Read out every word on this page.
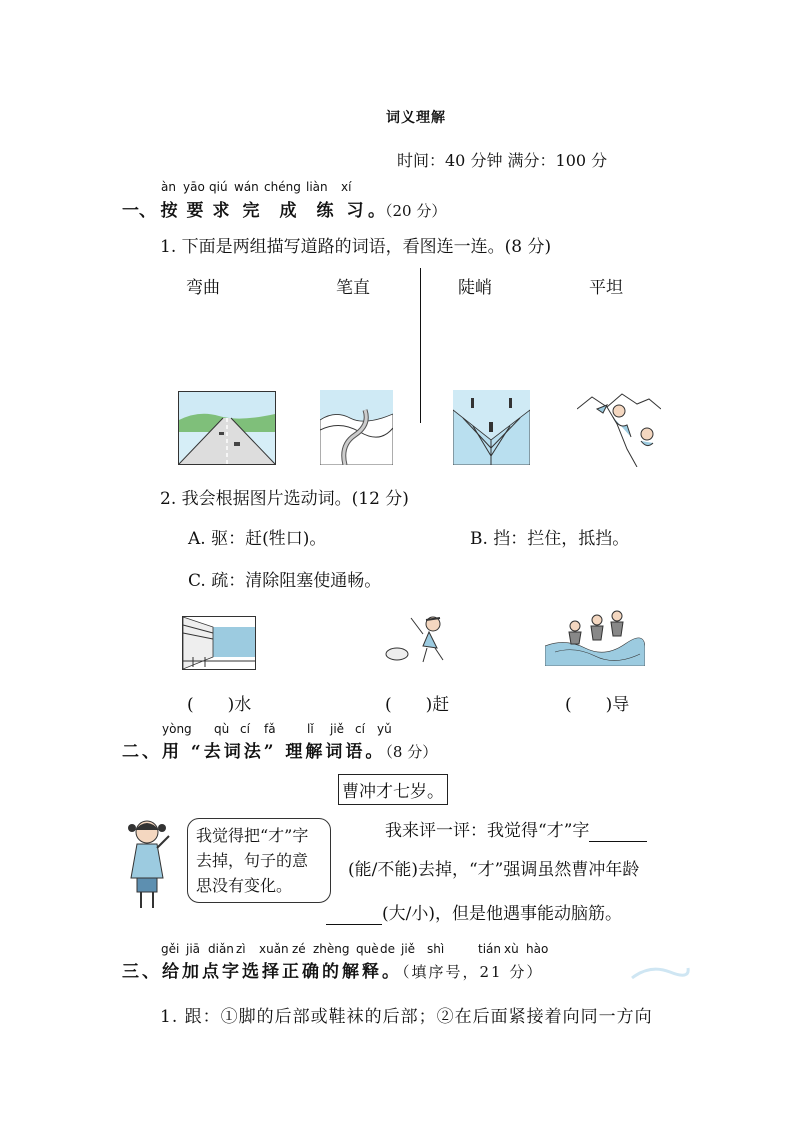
词义理解
时间：40 分钟 满分：100 分
àn yāo qiú wán chéng liàn xí
一、 按 要 求 完 成 练 习 。（20 分）
1. 下面是两组描写道路的词语，看图连一连。(8 分)
弯曲	笔直	陡峭	平坦
2. 我会根据图片选动词。(12 分)
A. 驱：赶(牲口)。	B. 挡：拦住，抵挡。
C. 疏：清除阻塞使通畅。
(　　)水	(　　)赶	(　　)导
yòng qù cí fǎ	lǐ jiě cí yǔ
二、用 “去词法” 理解词语。（8 分）
曹冲才七岁。
我觉得把“才”字去掉，句子的意思没有变化。
我来评一评：我觉得“才”字
(能/不能)去掉，“才”强调虽然曹冲年龄
(大/小)，但是他遇事能动脑筋。
gěi jiā diǎn zì xuǎn zé zhèng què de jiě shì	tián xù hào
三、给加点字选择正确的解释。（填序号，21 分）
1. 跟：①脚的后部或鞋袜的后部；②在后面紧接着向同一方向
